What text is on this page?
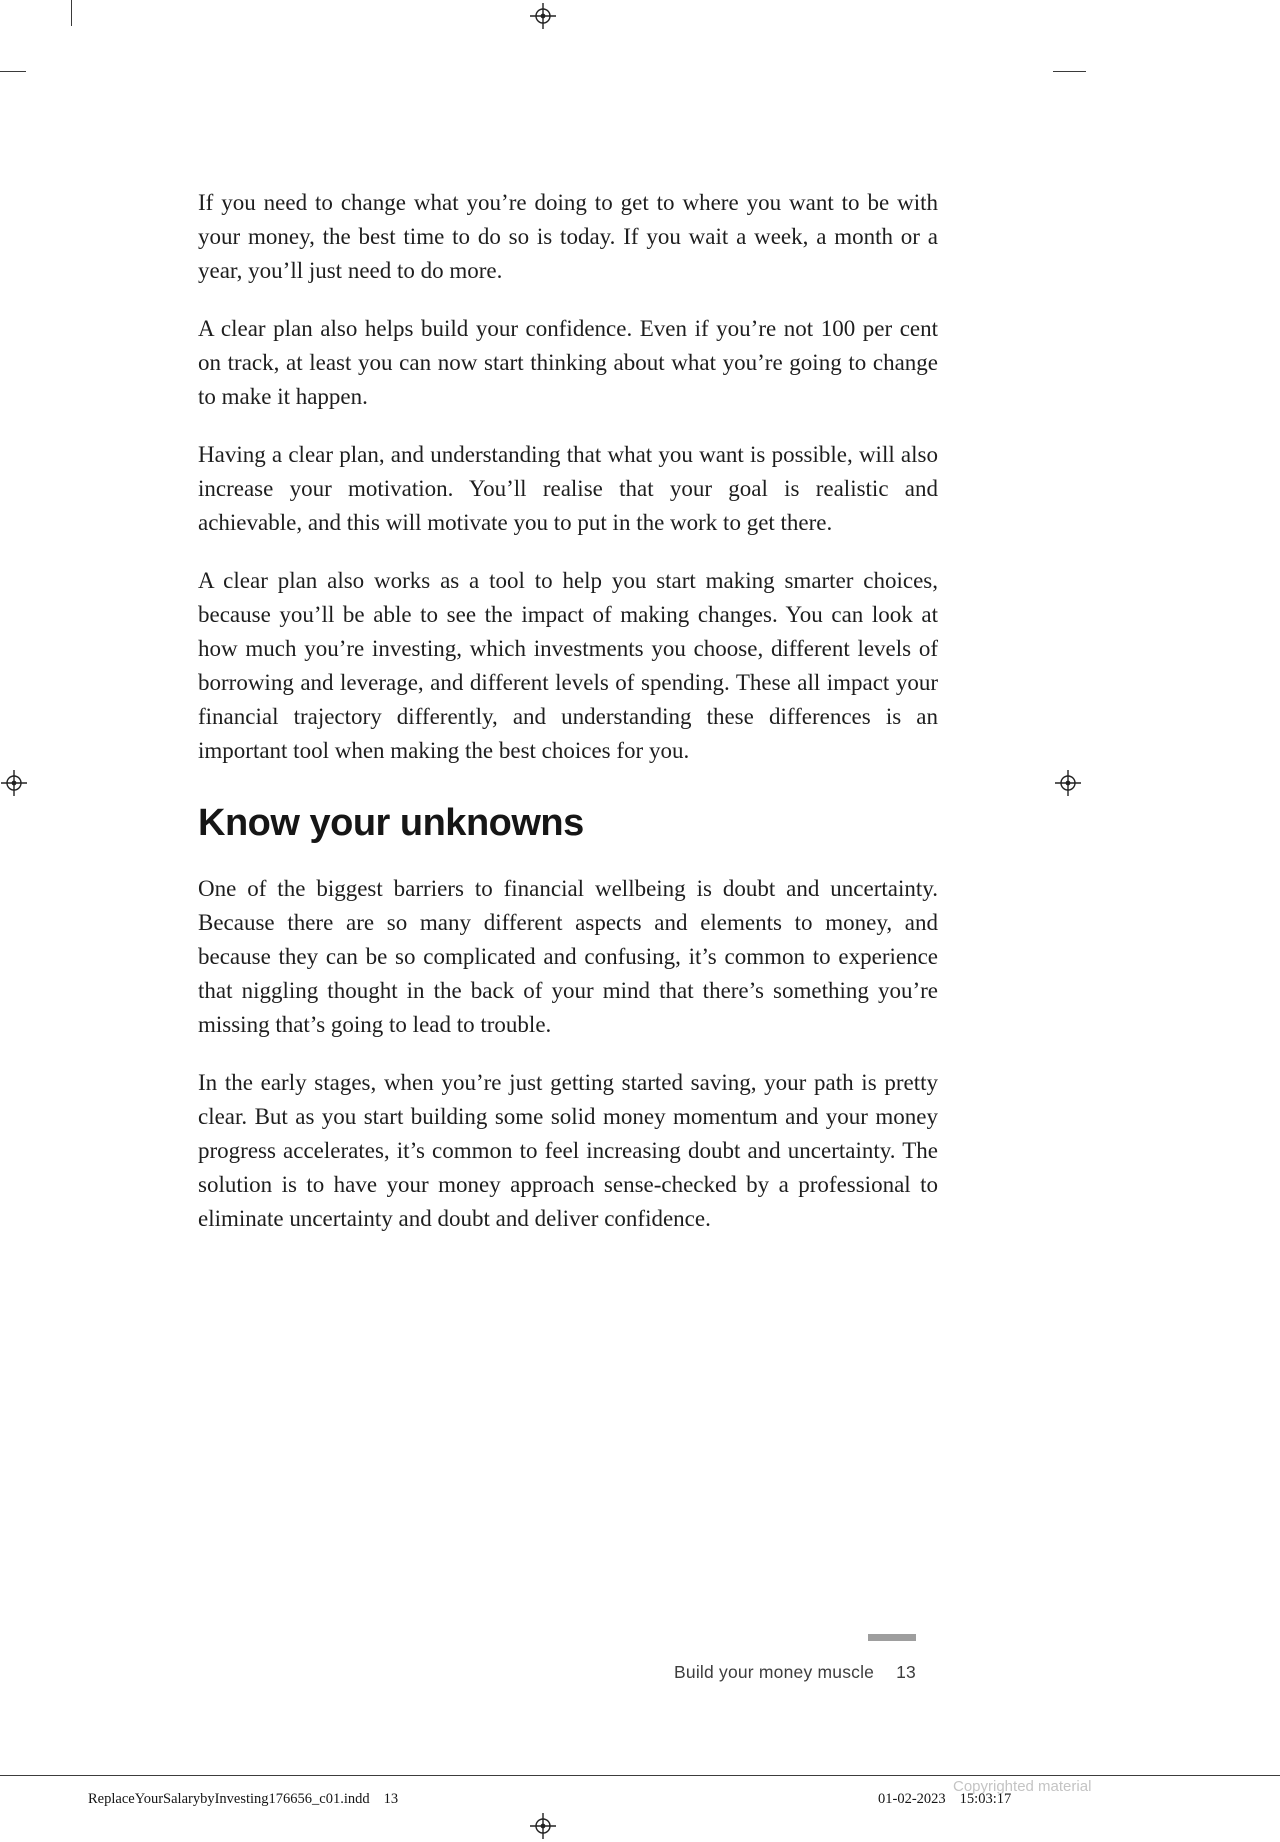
If you need to change what you’re doing to get to where you want to be with your money, the best time to do so is today. If you wait a week, a month or a year, you’ll just need to do more.

A clear plan also helps build your confidence. Even if you’re not 100 per cent on track, at least you can now start thinking about what you’re going to change to make it happen.

Having a clear plan, and understanding that what you want is possible, will also increase your motivation. You’ll realise that your goal is realistic and achievable, and this will motivate you to put in the work to get there.

A clear plan also works as a tool to help you start making smarter choices, because you’ll be able to see the impact of making changes. You can look at how much you’re investing, which investments you choose, different levels of borrowing and leverage, and different levels of spending. These all impact your financial trajectory differently, and understanding these differences is an important tool when making the best choices for you.

Know your unknowns

One of the biggest barriers to financial wellbeing is doubt and uncertainty. Because there are so many different aspects and elements to money, and because they can be so complicated and confusing, it’s common to experience that niggling thought in the back of your mind that there’s something you’re missing that’s going to lead to trouble.

In the early stages, when you’re just getting started saving, your path is pretty clear. But as you start building some solid money momentum and your money progress accelerates, it’s common to feel increasing doubt and uncertainty. The solution is to have your money approach sense-checked by a professional to eliminate uncertainty and doubt and deliver confidence.

Build your money muscle 13
Copyrighted material
ReplaceYourSalarybyInvesting176656_c01.indd 13	01-02-2023 15:03:17
